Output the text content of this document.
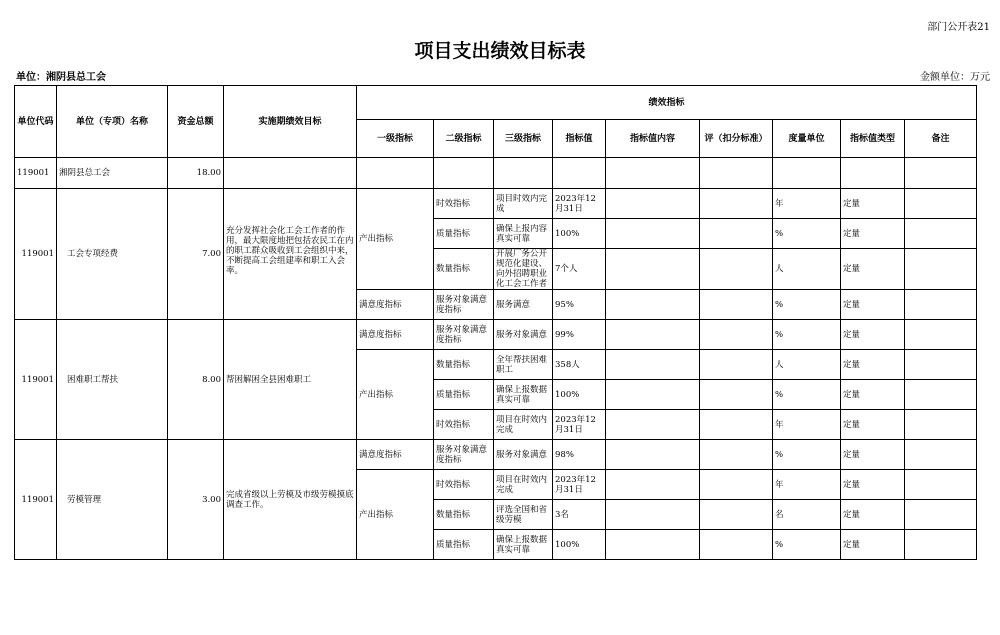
部门公开表21
项目支出绩效目标表
单位：湘阴县总工会	金额单位：万元
单位代码	单位（专项）名称	资金总额	实施期绩效目标	绩效指标								
				一级指标	二级指标	三级指标	指标值	指标值内容	评（扣分标准）	度量单位	指标值类型	备注
119001	湘阴县总工会	18.00										
119001	工会专项经费	7.00	充分发挥社会化工会工作者的作用，最大限度地把包括农民工在内的职工群众吸收到工会组织中来，不断提高工会组建率和职工入会率。	产出指标	时效指标	项目时效内完成	2023年12月31日			年	定量	
					质量指标	确保上报内容真实可靠	100%			%	定量	
					数量指标	开展厂务公开规范化建设、向外招聘职业化工会工作者	7个人			人	定量	
				满意度指标	服务对象满意度指标	服务满意	95%			%	定量	
119001	困难职工帮扶	8.00	帮困解困全县困难职工	满意度指标	服务对象满意度指标	服务对象满意	99%			%	定量	
				产出指标	数量指标	全年帮扶困难职工	358人			人	定量	
					质量指标	确保上报数据真实可靠	100%			%	定量	
					时效指标	项目在时效内完成	2023年12月31日			年	定量	
119001	劳模管理	3.00	完成省级以上劳模及市级劳模摸底调查工作。	满意度指标	服务对象满意度指标	服务对象满意	98%			%	定量	
				产出指标	时效指标	项目在时效内完成	2023年12月31日			年	定量	
					数量指标	评选全国和省级劳模	3名			名	定量	
					质量指标	确保上报数据真实可靠	100%			%	定量	
